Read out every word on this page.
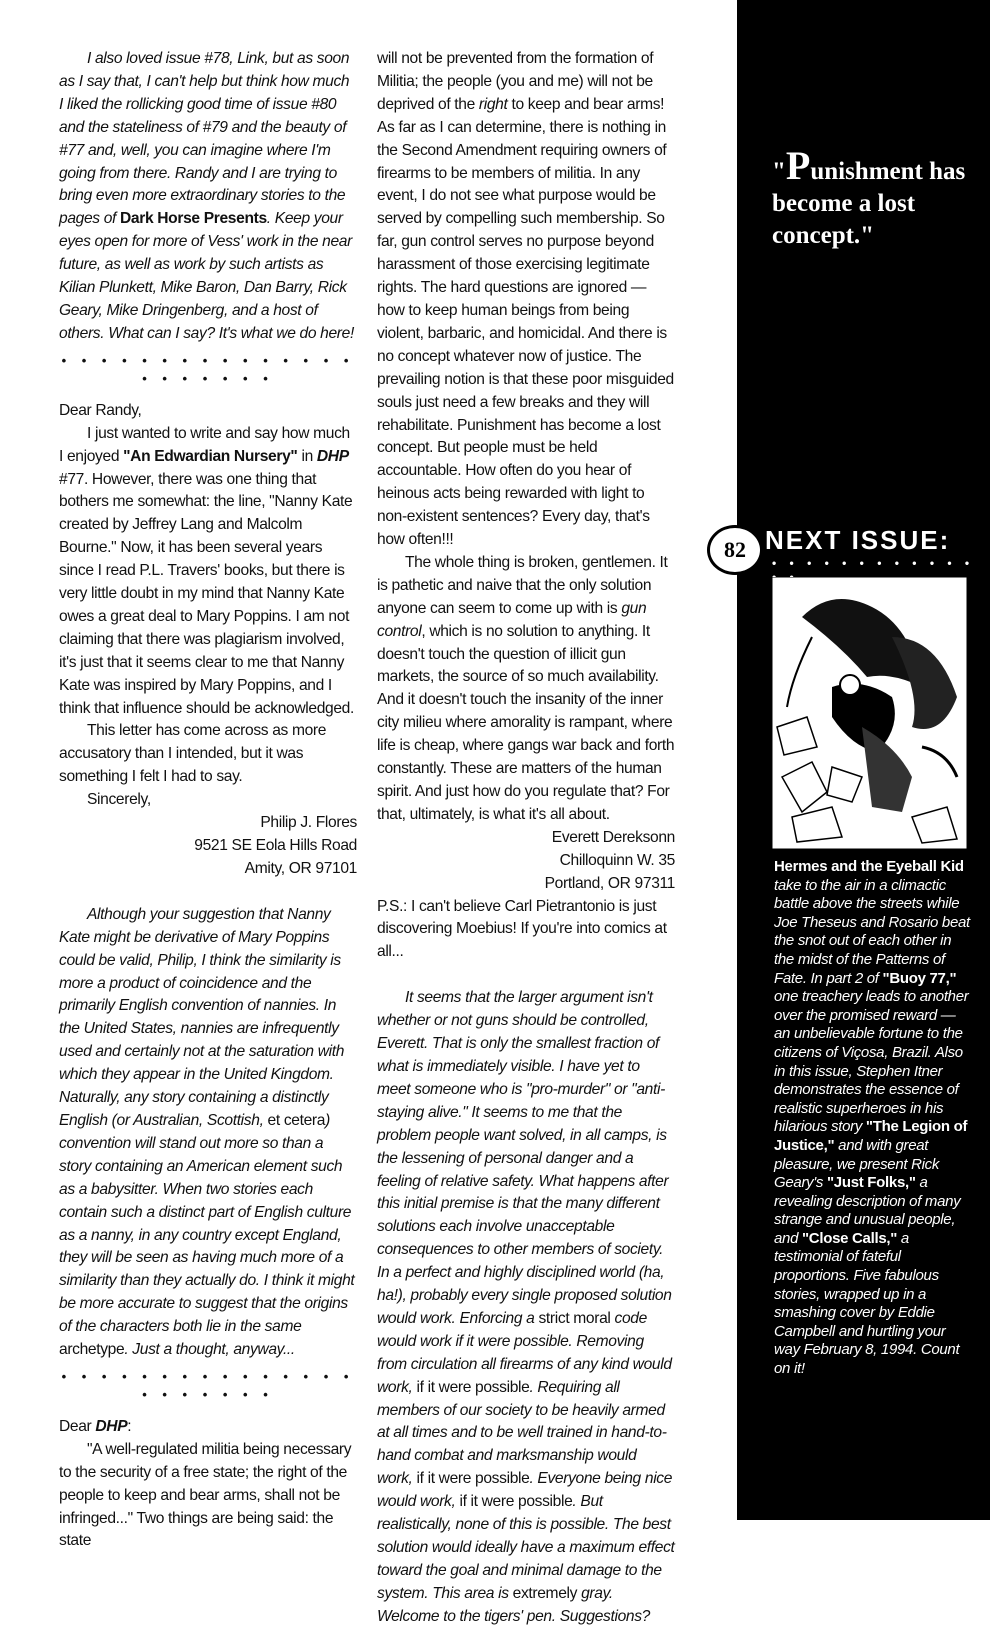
I also loved issue #78, Link, but as soon as I say that, I can't help but think how much I liked the rollicking good time of issue #80 and the stateliness of #79 and the beauty of #77 and, well, you can imagine where I'm going from there. Randy and I are trying to bring even more extraordinary stories to the pages of Dark Horse Presents. Keep your eyes open for more of Vess' work in the near future, as well as work by such artists as Kilian Plunkett, Mike Baron, Dan Barry, Rick Geary, Mike Dringenberg, and a host of others. What can I say? It's what we do here!

• • • • • • • • • • • • • • • • • • • • • •

Dear Randy,

I just wanted to write and say how much I enjoyed "An Edwardian Nursery" in DHP #77. However, there was one thing that bothers me somewhat: the line, "Nanny Kate created by Jeffrey Lang and Malcolm Bourne." Now, it has been several years since I read P.L. Travers' books, but there is very little doubt in my mind that Nanny Kate owes a great deal to Mary Poppins. I am not claiming that there was plagiarism involved, it's just that it seems clear to me that Nanny Kate was inspired by Mary Poppins, and I think that influence should be acknowledged.

This letter has come across as more accusatory than I intended, but it was something I felt I had to say.

Sincerely,

Philip J. Flores

9521 SE Eola Hills Road

Amity, OR 97101

Although your suggestion that Nanny Kate might be derivative of Mary Poppins could be valid, Philip, I think the similarity is more a product of coincidence and the primarily English convention of nannies. In the United States, nannies are infrequently used and certainly not at the saturation with which they appear in the United Kingdom. Naturally, any story containing a distinctly English (or Australian, Scottish, et cetera) convention will stand out more so than a story containing an American element such as a babysitter. When two stories each contain such a distinct part of English culture as a nanny, in any country except England, they will be seen as having much more of a similarity than they actually do. I think it might be more accurate to suggest that the origins of the characters both lie in the same archetype. Just a thought, anyway...

• • • • • • • • • • • • • • • • • • • • • •

Dear DHP:

"A well-regulated militia being necessary to the security of a free state; the right of the people to keep and bear arms, shall not be infringed..." Two things are being said: the state

will not be prevented from the formation of Militia; the people (you and me) will not be deprived of the right to keep and bear arms! As far as I can determine, there is nothing in the Second Amendment requiring owners of firearms to be members of militia. In any event, I do not see what purpose would be served by compelling such membership. So far, gun control serves no purpose beyond harassment of those exercising legitimate rights. The hard questions are ignored — how to keep human beings from being violent, barbaric, and homicidal. And there is no concept whatever now of justice. The prevailing notion is that these poor misguided souls just need a few breaks and they will rehabilitate. Punishment has become a lost concept. But people must be held accountable. How often do you hear of heinous acts being rewarded with light to non-existent sentences? Every day, that's how often!!!

The whole thing is broken, gentlemen. It is pathetic and naive that the only solution anyone can seem to come up with is gun control, which is no solution to anything. It doesn't touch the question of illicit gun markets, the source of so much availability. And it doesn't touch the insanity of the inner city milieu where amorality is rampant, where life is cheap, where gangs war back and forth constantly. These are matters of the human spirit. And just how do you regulate that? For that, ultimately, is what it's all about.

Everett Dereksonn

Chilloquinn W. 35

Portland, OR 97311

P.S.: I can't believe Carl Pietrantonio is just discovering Moebius! If you're into comics at all...

It seems that the larger argument isn't whether or not guns should be controlled, Everett. That is only the smallest fraction of what is immediately visible. I have yet to meet someone who is "pro-murder" or "anti-staying alive." It seems to me that the problem people want solved, in all camps, is the lessening of personal danger and a feeling of relative safety. What happens after this initial premise is that the many different solutions each involve unacceptable consequences to other members of society. In a perfect and highly disciplined world (ha, ha!), probably every single proposed solution would work. Enforcing a strict moral code would work if it were possible. Removing from circulation all firearms of any kind would work, if it were possible. Requiring all members of our society to be heavily armed at all times and to be well trained in hand-to-hand combat and marksmanship would work, if it were possible. Everyone being nice would work, if it were possible. But realistically, none of this is possible. The best solution would ideally have a maximum effect toward the goal and minimal damage to the system. This area is extremely gray. Welcome to the tigers' pen. Suggestions?

"Punishment has become a lost concept."
82 NEXT ISSUE:
• • • • • • • • • • • •
Hermes and the Eyeball Kid take to the air in a climactic battle above the streets while Joe Theseus and Rosario beat the snot out of each other in the midst of the Patterns of Fate. In part 2 of "Buoy 77," one treachery leads to another over the promised reward — an unbelievable fortune to the citizens of Viçosa, Brazil. Also in this issue, Stephen Itner demonstrates the essence of realistic superheroes in his hilarious story "The Legion of Justice," and with great pleasure, we present Rick Geary's "Just Folks," a revealing description of many strange and unusual people, and "Close Calls," a testimonial of fateful proportions. Five fabulous stories, wrapped up in a smashing cover by Eddie Campbell and hurtling your way February 8, 1994. Count on it!
